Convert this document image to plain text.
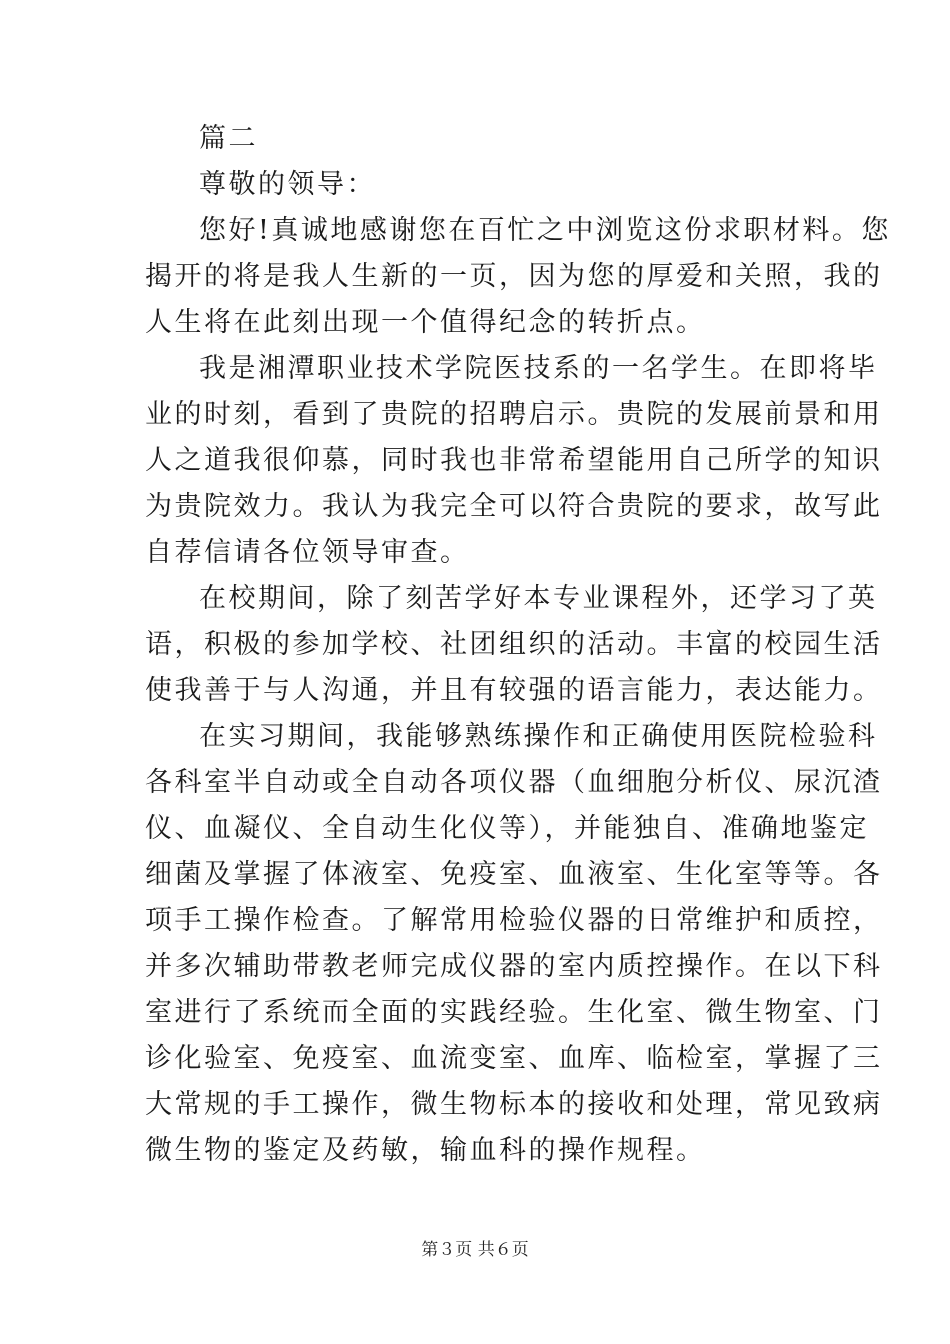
篇二
尊敬的领导：
您好!真诚地感谢您在百忙之中浏览这份求职材料。您
揭开的将是我人生新的一页，因为您的厚爱和关照，我的
人生将在此刻出现一个值得纪念的转折点。
我是湘潭职业技术学院医技系的一名学生。在即将毕
业的时刻，看到了贵院的招聘启示。贵院的发展前景和用
人之道我很仰慕，同时我也非常希望能用自己所学的知识
为贵院效力。我认为我完全可以符合贵院的要求，故写此
自荐信请各位领导审查。
在校期间，除了刻苦学好本专业课程外，还学习了英
语，积极的参加学校、社团组织的活动。丰富的校园生活
使我善于与人沟通，并且有较强的语言能力，表达能力。
在实习期间，我能够熟练操作和正确使用医院检验科
各科室半自动或全自动各项仪器（血细胞分析仪、尿沉渣
仪、血凝仪、全自动生化仪等），并能独自、准确地鉴定
细菌及掌握了体液室、免疫室、血液室、生化室等等。各
项手工操作检查。了解常用检验仪器的日常维护和质控，
并多次辅助带教老师完成仪器的室内质控操作。在以下科
室进行了系统而全面的实践经验。生化室、微生物室、门
诊化验室、免疫室、血流变室、血库、临检室，掌握了三
大常规的手工操作，微生物标本的接收和处理，常见致病
微生物的鉴定及药敏，输血科的操作规程。
第３页 共６页
